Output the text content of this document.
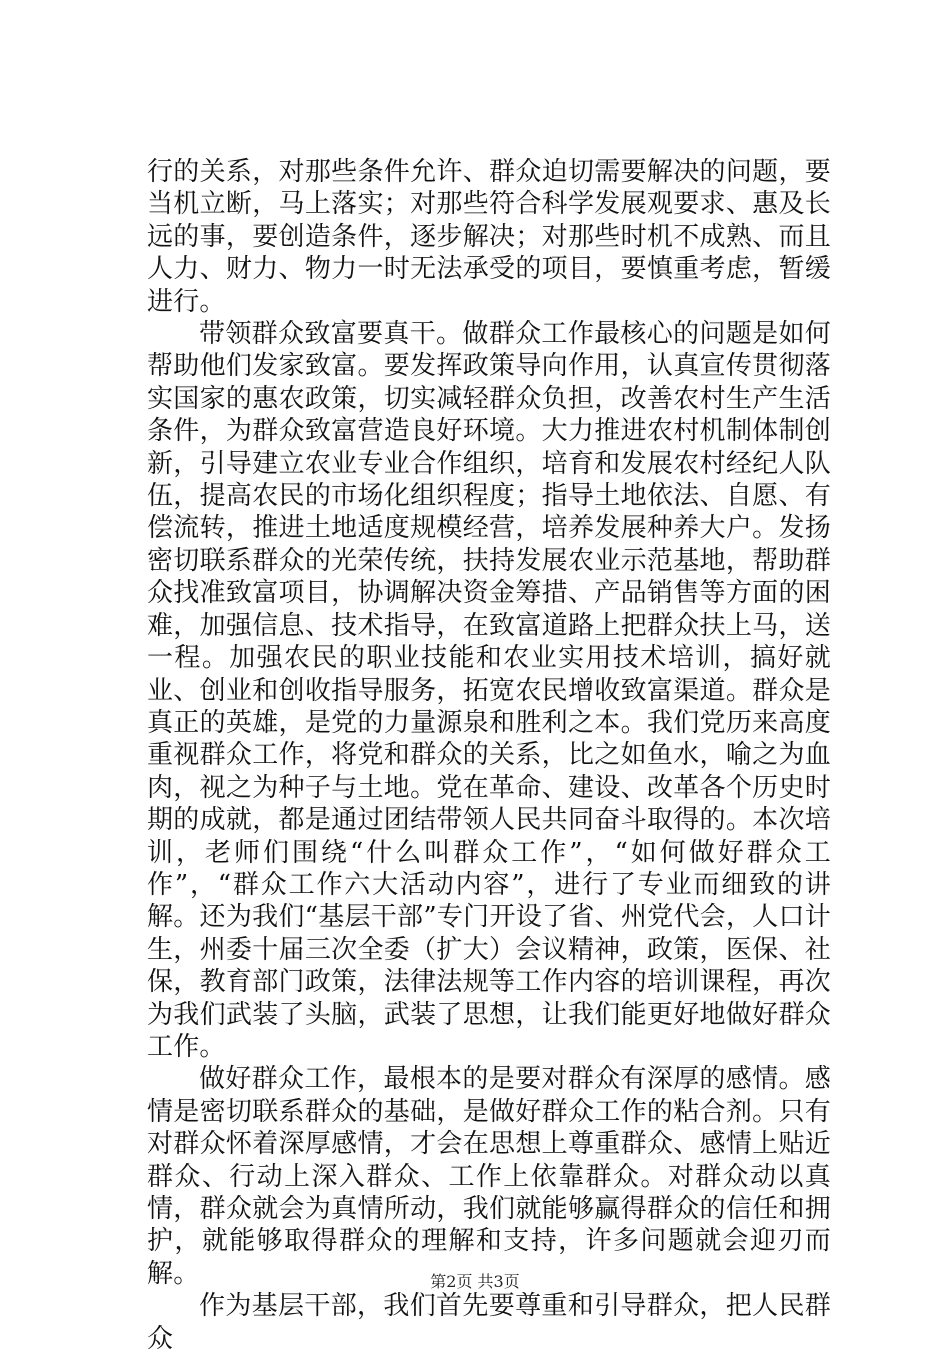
行的关系，对那些条件允许、群众迫切需要解决的问题，要当机立断，马上落实；对那些符合科学发展观要求、惠及长远的事，要创造条件，逐步解决；对那些时机不成熟、而且人力、财力、物力一时无法承受的项目，要慎重考虑，暂缓进行。

带领群众致富要真干。做群众工作最核心的问题是如何帮助他们发家致富。要发挥政策导向作用，认真宣传贯彻落实国家的惠农政策，切实减轻群众负担，改善农村生产生活条件，为群众致富营造良好环境。大力推进农村机制体制创新，引导建立农业专业合作组织，培育和发展农村经纪人队伍，提高农民的市场化组织程度；指导土地依法、自愿、有偿流转，推进土地适度规模经营，培养发展种养大户。发扬密切联系群众的光荣传统，扶持发展农业示范基地，帮助群众找准致富项目，协调解决资金筹措、产品销售等方面的困难，加强信息、技术指导，在致富道路上把群众扶上马，送一程。加强农民的职业技能和农业实用技术培训，搞好就业、创业和创收指导服务，拓宽农民增收致富渠道。群众是真正的英雄，是党的力量源泉和胜利之本。我们党历来高度重视群众工作，将党和群众的关系，比之如鱼水，喻之为血肉，视之为种子与土地。党在革命、建设、改革各个历史时期的成就，都是通过团结带领人民共同奋斗取得的。本次培训，老师们围绕“什么叫群众工作”，“如何做好群众工作”，“群众工作六大活动内容”，进行了专业而细致的讲解。还为我们“基层干部”专门开设了省、州党代会，人口计生，州委十届三次全委（扩大）会议精神，政策，医保、社保，教育部门政策，法律法规等工作内容的培训课程，再次为我们武装了头脑，武装了思想，让我们能更好地做好群众工作。

做好群众工作，最根本的是要对群众有深厚的感情。感情是密切联系群众的基础，是做好群众工作的粘合剂。只有对群众怀着深厚感情，才会在思想上尊重群众、感情上贴近群众、行动上深入群众、工作上依靠群众。对群众动以真情，群众就会为真情所动，我们就能够赢得群众的信任和拥护，就能够取得群众的理解和支持，许多问题就会迎刃而解。

作为基层干部，我们首先要尊重和引导群众，把人民群众

第2页 共3页
